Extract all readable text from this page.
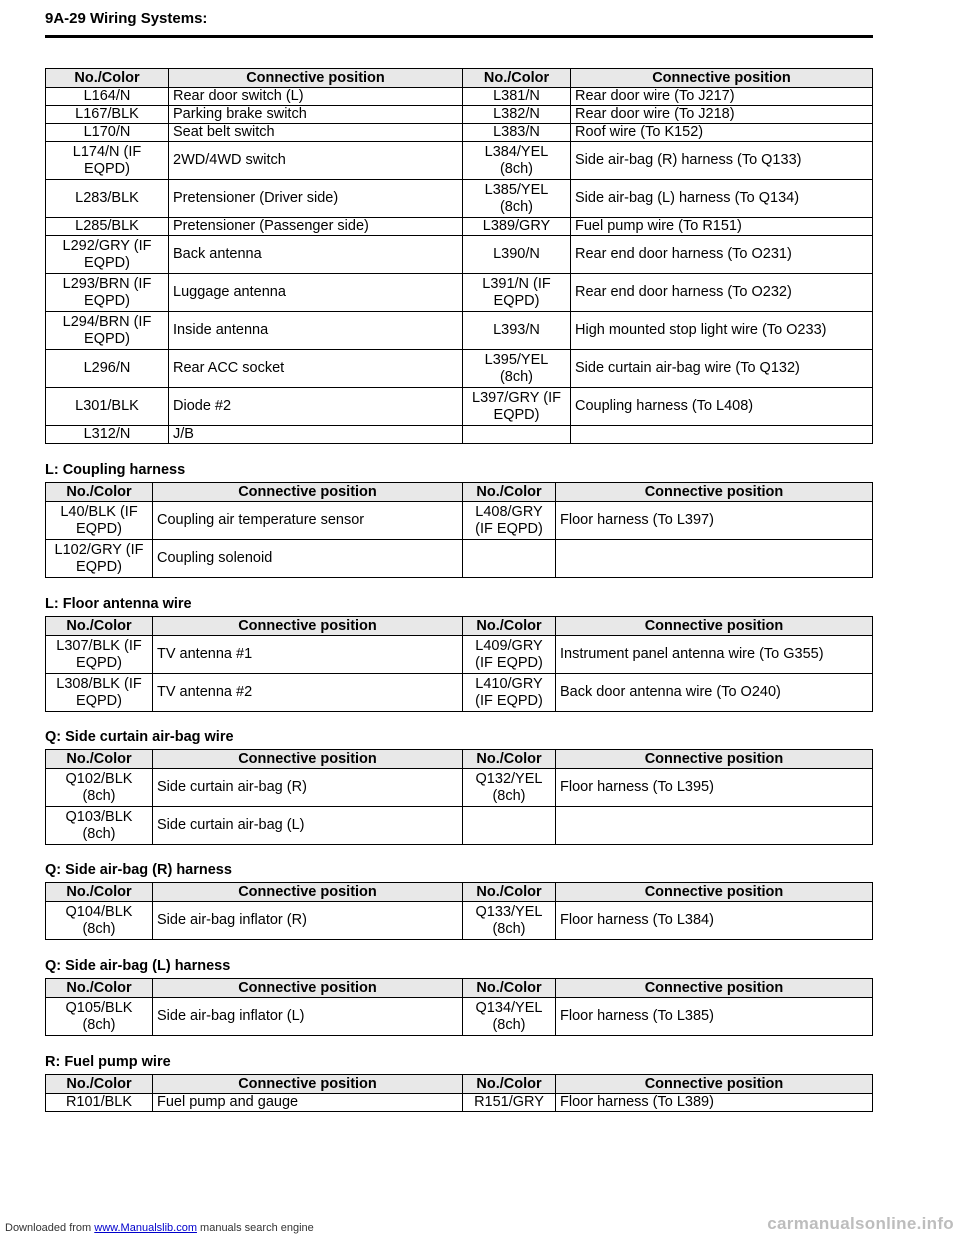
9A-29 Wiring Systems:
No./Color	Connective position	No./Color	Connective position
L164/N	Rear door switch (L)	L381/N	Rear door wire (To J217)
L167/BLK	Parking brake switch	L382/N	Rear door wire (To J218)
L170/N	Seat belt switch	L383/N	Roof wire (To K152)
L174/N (IF EQPD)	2WD/4WD switch	L384/YEL (8ch)	Side air-bag (R) harness (To Q133)
L283/BLK	Pretensioner (Driver side)	L385/YEL (8ch)	Side air-bag (L) harness (To Q134)
L285/BLK	Pretensioner (Passenger side)	L389/GRY	Fuel pump wire (To R151)
L292/GRY (IF EQPD)	Back antenna	L390/N	Rear end door harness (To O231)
L293/BRN (IF EQPD)	Luggage antenna	L391/N (IF EQPD)	Rear end door harness (To O232)
L294/BRN (IF EQPD)	Inside antenna	L393/N	High mounted stop light wire (To O233)
L296/N	Rear ACC socket	L395/YEL (8ch)	Side curtain air-bag wire (To Q132)
L301/BLK	Diode #2	L397/GRY (IF EQPD)	Coupling harness (To L408)
L312/N	J/B		
L: Coupling harness
No./Color	Connective position	No./Color	Connective position
L40/BLK (IF EQPD)	Coupling air temperature sensor	L408/GRY (IF EQPD)	Floor harness (To L397)
L102/GRY (IF EQPD)	Coupling solenoid		
L: Floor antenna wire
No./Color	Connective position	No./Color	Connective position
L307/BLK (IF EQPD)	TV antenna #1	L409/GRY (IF EQPD)	Instrument panel antenna wire (To G355)
L308/BLK (IF EQPD)	TV antenna #2	L410/GRY (IF EQPD)	Back door antenna wire (To O240)
Q: Side curtain air-bag wire
No./Color	Connective position	No./Color	Connective position
Q102/BLK (8ch)	Side curtain air-bag (R)	Q132/YEL (8ch)	Floor harness (To L395)
Q103/BLK (8ch)	Side curtain air-bag (L)		
Q: Side air-bag (R) harness
No./Color	Connective position	No./Color	Connective position
Q104/BLK (8ch)	Side air-bag inflator (R)	Q133/YEL (8ch)	Floor harness (To L384)
Q: Side air-bag (L) harness
No./Color	Connective position	No./Color	Connective position
Q105/BLK (8ch)	Side air-bag inflator (L)	Q134/YEL (8ch)	Floor harness (To L385)
R: Fuel pump wire
No./Color	Connective position	No./Color	Connective position
R101/BLK	Fuel pump and gauge	R151/GRY	Floor harness (To L389)
Downloaded from www.Manualslib.com manuals search engine	carmanualsonline.info
